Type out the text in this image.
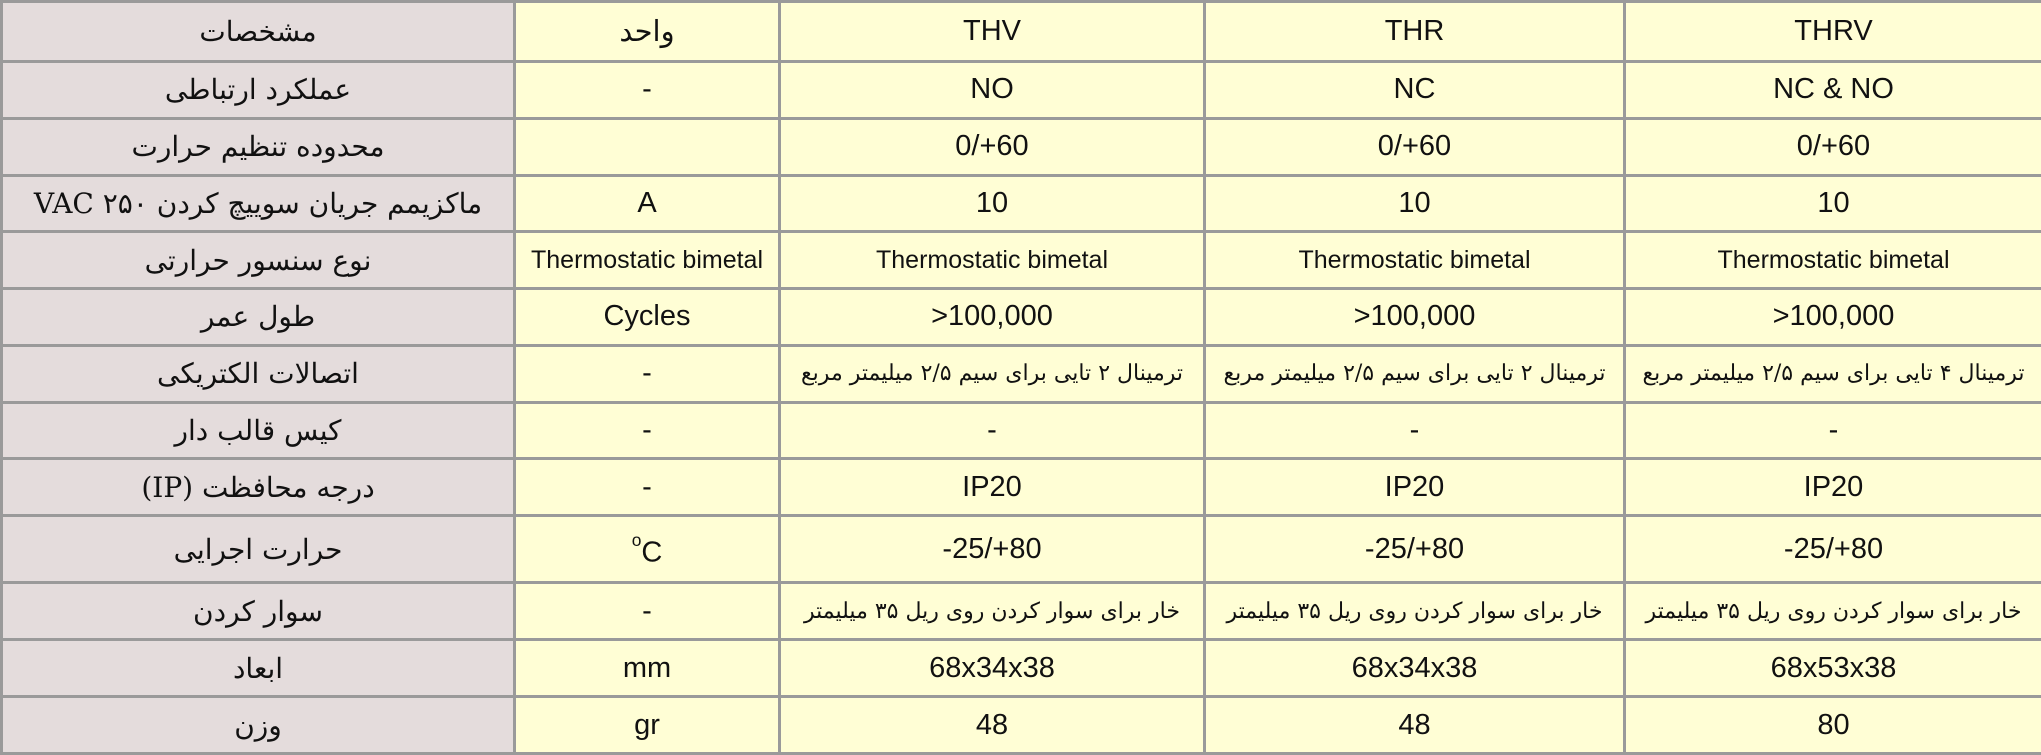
مشخصات	واحد	THV	THR	THRV
عملکرد ارتباطی	-	NO	NC	NC & NO
محدوده تنظیم حرارت		0/+60	0/+60	0/+60
ماکزیمم جریان سوییچ کردن ۲۵۰ VAC	A	10	10	10
نوع سنسور حرارتی	Thermostatic bimetal	Thermostatic bimetal	Thermostatic bimetal	Thermostatic bimetal
طول عمر	Cycles	>100,000	>100,000	>100,000
اتصالات الکتریکی	-	ترمینال ۲ تایی برای سیم ۲/۵ میلیمتر مربع	ترمینال ۲ تایی برای سیم ۲/۵ میلیمتر مربع	ترمینال ۴ تایی برای سیم ۲/۵ میلیمتر مربع
کیس قالب دار	-	-	-	-
درجه محافظت (IP)	-	IP20	IP20	IP20
حرارت اجرایی	$^o$C	-25/+80	-25/+80	-25/+80
سوار کردن	-	خار برای سوار کردن روی ریل ۳۵ میلیمتر	خار برای سوار کردن روی ریل ۳۵ میلیمتر	خار برای سوار کردن روی ریل ۳۵ میلیمتر
ابعاد	mm	68x34x38	68x34x38	68x53x38
وزن	gr	48	48	80
